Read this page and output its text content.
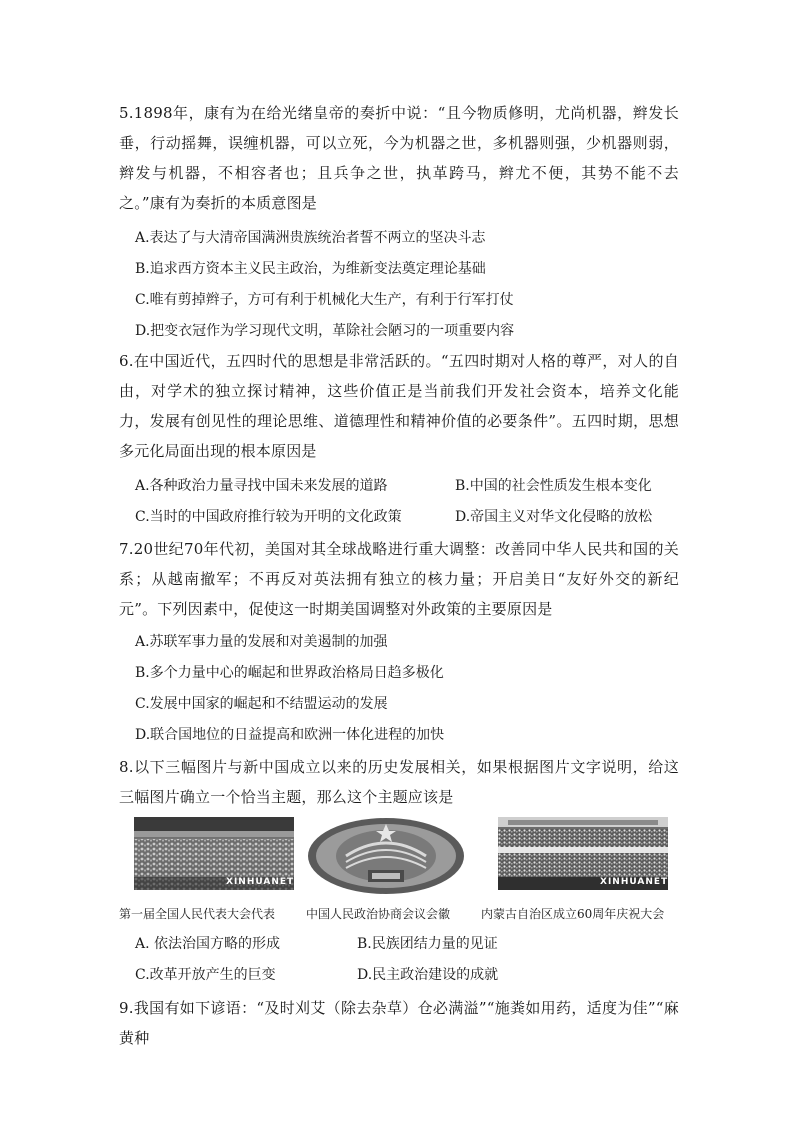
5.1898年，康有为在给光绪皇帝的奏折中说：“且今物质修明，尤尚机器，辫发长垂，行动摇舞，误缠机器，可以立死，今为机器之世，多机器则强，少机器则弱，辫发与机器，不相容者也；且兵争之世，执革跨马，辫尤不便，其势不能不去之。”康有为奏折的本质意图是
A.表达了与大清帝国满洲贵族统治者誓不两立的坚决斗志
B.追求西方资本主义民主政治，为维新变法奠定理论基础
C.唯有剪掉辫子，方可有利于机械化大生产，有利于行军打仗
D.把变衣冠作为学习现代文明，革除社会陋习的一项重要内容
6.在中国近代，五四时代的思想是非常活跃的。“五四时期对人格的尊严，对人的自由，对学术的独立探讨精神，这些价值正是当前我们开发社会资本，培养文化能力，发展有创见性的理论思维、道德理性和精神价值的必要条件”。五四时期，思想多元化局面出现的根本原因是
A.各种政治力量寻找中国未来发展的道路	B.中国的社会性质发生根本变化
C.当时的中国政府推行较为开明的文化政策	D.帝国主义对华文化侵略的放松
7.20世纪70年代初，美国对其全球战略进行重大调整：改善同中华人民共和国的关系；从越南撤军；不再反对英法拥有独立的核力量；开启美日“友好外交的新纪元”。下列因素中，促使这一时期美国调整对外政策的主要原因是
A.苏联军事力量的发展和对美遏制的加强
B.多个力量中心的崛起和世界政治格局日趋多极化
C.发展中国家的崛起和不结盟运动的发展
D.联合国地位的日益提高和欧洲一体化进程的加快
8.以下三幅图片与新中国成立以来的历史发展相关，如果根据图片文字说明，给这三幅图片确立一个恰当主题，那么这个主题应该是
XINHUANET
第一届全国人民代表大会代表	中国人民政治协商会议会徽
XINHUANET
内蒙古自治区成立60周年庆祝大会
A. 依法治国方略的形成	B.民族团结力量的见证
C.改革开放产生的巨变	D.民主政治建设的成就
9.我国有如下谚语：“及时刈艾（除去杂草）仓必满溢”“施粪如用药，适度为佳”“麻黄种
